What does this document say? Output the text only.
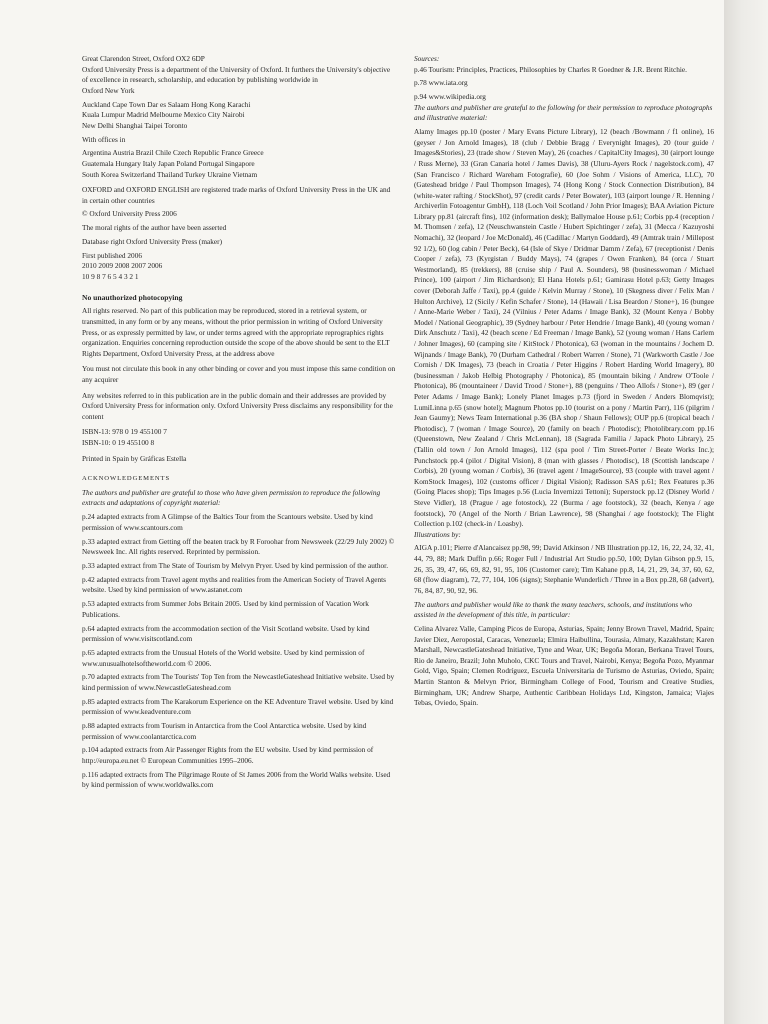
Great Clarendon Street, Oxford OX2 6DP

Oxford University Press is a department of the University of Oxford. It furthers the University's objective of excellence in research, scholarship, and education by publishing worldwide in

Oxford New York

Auckland Cape Town Dar es Salaam Hong Kong Karachi

Kuala Lumpur Madrid Melbourne Mexico City Nairobi

New Delhi Shanghai Taipei Toronto

With offices in

Argentina Austria Brazil Chile Czech Republic France Greece

Guatemala Hungary Italy Japan Poland Portugal Singapore

South Korea Switzerland Thailand Turkey Ukraine Vietnam

OXFORD and OXFORD ENGLISH are registered trade marks of Oxford University Press in the UK and in certain other countries

© Oxford University Press 2006

The moral rights of the author have been asserted

Database right Oxford University Press (maker)

First published 2006

2010 2009 2008 2007 2006

10 9 8 7 6 5 4 3 2 1

No unauthorized photocopying

All rights reserved. No part of this publication may be reproduced, stored in a retrieval system, or transmitted, in any form or by any means, without the prior permission in writing of Oxford University Press, or as expressly permitted by law, or under terms agreed with the appropriate reprographics rights organization. Enquiries concerning reproduction outside the scope of the above should be sent to the ELT Rights Department, Oxford University Press, at the address above

You must not circulate this book in any other binding or cover and you must impose this same condition on any acquirer

Any websites referred to in this publication are in the public domain and their addresses are provided by Oxford University Press for information only. Oxford University Press disclaims any responsibility for the content

ISBN-13: 978 0 19 455100 7

ISBN-10: 0 19 455100 8

Printed in Spain by Gráficas Estella

ACKNOWLEDGEMENTS

The authors and publisher are grateful to those who have given permission to reproduce the following extracts and adaptations of copyright material:

p.24 adapted extracts from A Glimpse of the Baltics Tour from the Scantours website. Used by kind permission of www.scantours.com

p.33 adapted extract from Getting off the beaten track by R Foroohar from Newsweek (22/29 July 2002) © Newsweek Inc. All rights reserved. Reprinted by permission.

p.33 adapted extract from The State of Tourism by Melvyn Pryer. Used by kind permission of the author.

p.42 adapted extracts from Travel agent myths and realities from the American Society of Travel Agents website. Used by kind permission of www.astanet.com

p.53 adapted extracts from Summer Jobs Britain 2005. Used by kind permission of Vacation Work Publications.

p.64 adapted extracts from the accommodation section of the Visit Scotland website. Used by kind permission of www.visitscotland.com

p.65 adapted extracts from the Unusual Hotels of the World website. Used by kind permission of www.unusualhotelsoftheworld.com © 2006.

p.70 adapted extracts from The Tourists' Top Ten from the NewcastleGateshead Initiative website. Used by kind permission of www.NewcastleGateshead.com

p.85 adapted extracts from The Karakorum Experience on the KE Adventure Travel website. Used by kind permission of www.keadventure.com

p.88 adapted extracts from Tourism in Antarctica from the Cool Antarctica website. Used by kind permission of www.coolantarctica.com

p.104 adapted extracts from Air Passenger Rights from the EU website. Used by kind permission of http://europa.eu.net © European Communities 1995–2006.

p.116 adapted extracts from The Pilgrimage Route of St James 2006 from the World Walks website. Used by kind permission of www.worldwalks.com

Sources:

p.46 Tourism: Principles, Practices, Philosophies by Charles R Goedner & J.R. Brent Ritchie.

p.78 www.iata.org

p.94 www.wikipedia.org

The authors and publisher are grateful to the following for their permission to reproduce photographs and illustrative material:

Alamy Images pp.10 (poster / Mary Evans Picture Library), 12 (beach /Bowmann / f1 online), 16 (geyser / Jon Arnold Images), 18 (club / Debbie Bragg / Everynight Images), 20 (tour guide / Images&Stories), 23 (trade show / Steven May), 26 (coaches / CapitalCity Images), 30 (airport lounge / Russ Merne), 33 (Gran Canaria hotel / James Davis), 38 (Uluru-Ayers Rock / nagelstock.com), 47 (San Francisco / Richard Wareham Fotografie), 60 (Joe Sohm / Visions of America, LLC), 70 (Gateshead bridge / Paul Thompson Images), 74 (Hong Kong / Stock Connection Distribution), 84 (white-water rafting / StockShot), 97 (credit cards / Peter Bowater), 103 (airport lounge / R. Henning / Archiverlin Fotoagentur GmbH), 118 (Loch Voil Scotland / John Prior Images); BAA Aviation Picture Library pp.81 (aircraft fins), 102 (information desk); Ballymaloe House p.61; Corbis pp.4 (reception / M. Thomsen / zefa), 12 (Neuschwanstein Castle / Hubert Spichtinger / zefa), 31 (Mecca / Kazuyoshi Nomachi), 32 (leopard / Joe McDonald), 46 (Cadillac / Martyn Goddard), 49 (Amtrak train / Millepost 92 1/2), 60 (log cabin / Peter Beck), 64 (Isle of Skye / Dridmar Damm / Zefa), 67 (receptionist / Denis Cooper / zefa), 73 (Kyrgistan / Buddy Mays), 74 (grapes / Owen Franken), 84 (orca / Stuart Westmorland), 85 (trekkers), 88 (cruise ship / Paul A. Sounders), 98 (businesswoman / Michael Prince), 100 (airport / Jim Richardson); El Hana Hotels p.61; Gamirasu Hotel p.63; Getty Images cover (Deborah Jaffe / Taxi), pp.4 (guide / Kelvin Murray / Stone), 10 (Skegness diver / Felix Man / Hulton Archive), 12 (Sicily / Kefin Schafer / Stone), 14 (Hawaii / Lisa Beardon / Stone+), 16 (bungee / Anne-Marie Weber / Taxi), 24 (Vilnius / Peter Adams / Image Bank), 32 (Mount Kenya / Bobby Model / National Geographic), 39 (Sydney harbour / Peter Hendrie / Image Bank), 40 (young woman / Dirk Anschutz / Taxi), 42 (beach scene / Ed Freeman / Image Bank), 52 (young woman / Hans Carlem / Johner Images), 60 (camping site / KitStock / Photonica), 63 (woman in the mountains / Jochem D. Wijnands / Image Bank), 70 (Durham Cathedral / Robert Warren / Stone), 71 (Warkworth Castle / Joe Cornish / DK Images), 73 (beach in Croatia / Peter Higgins / Robert Harding World Imagery), 80 (businessman / Jakob Helbig Photography / Photonica), 85 (mountain biking / Andrew O'Toole / Photonica), 86 (mountaineer / David Trood / Stone+), 88 (penguins / Theo Allofs / Stone+), 89 (ger / Peter Adams / Image Bank); Lonely Planet Images p.73 (fjord in Sweden / Anders Blomqvist); LumiLinna p.65 (snow hotel); Magnum Photos pp.10 (tourist on a pony / Martin Parr), 116 (pilgrim / Jean Gaumy); News Team International p.36 (BA shop / Shaun Fellows); OUP pp.6 (tropical beach / Photodisc), 7 (woman / Image Source), 20 (family on beach / Photodisc); Photolibrary.com pp.16 (Queenstown, New Zealand / Chris McLennan), 18 (Sagrada Familia / Japack Photo Library), 25 (Tallin old town / Jon Arnold Images), 112 (spa pool / Tim Street-Porter / Beate Works Inc.); Punchstock pp.4 (pilot / Digital Vision), 8 (man with glasses / Photodisc), 18 (Scottish landscape / Corbis), 20 (young woman / Corbis), 36 (travel agent / ImageSource), 93 (couple with travel agent / KomStock Images), 102 (customs officer / Digital Vision); Radisson SAS p.61; Rex Features p.36 (Going Places shop); Tips Images p.56 (Lucia Invernizzi Tettoni); Superstock pp.12 (Disney World / Steve Vidler), 18 (Prague / age fotostock), 22 (Burma / age footstock), 32 (beach, Kenya / age footstock), 70 (Angel of the North / Brian Lawrence), 98 (Shanghai / age footstock); The Flight Collection p.102 (check-in / Loasby).

Illustrations by:

AIGA p.101; Pierre d'Alancaisez pp.98, 99; David Atkinson / NB Illustration pp.12, 16, 22, 24, 32, 41, 44, 79, 88; Mark Duffin p.66; Roger Full / Industrial Art Studio pp.50, 100; Dylan Gibson pp.9, 15, 26, 35, 39, 47, 66, 69, 82, 91, 95, 106 (Customer care); Tim Kahane pp.8, 14, 21, 29, 34, 37, 60, 62, 68 (flow diagram), 72, 77, 104, 106 (signs); Stephanie Wunderlich / Three in a Box pp.28, 68 (advert), 76, 84, 87, 90, 92, 96.

The authors and publisher would like to thank the many teachers, schools, and institutions who assisted in the development of this title, in particular:

Celina Alvarez Valle, Camping Picos de Europa, Asturias, Spain; Jenny Brown Travel, Madrid, Spain; Javier Diez, Aeropostal, Caracas, Venezuela; Elmira Haibullina, Tourasia, Almaty, Kazakhstan; Karen Marshall, NewcastleGateshead Initiative, Tyne and Wear, UK; Begoña Moran, Berkana Travel Tours, Rio de Janeiro, Brazil; John Muholo, CKC Tours and Travel, Nairobi, Kenya; Begoña Pozo, Myanmar Gold, Vigo, Spain; Clemen Rodríguez, Escuela Universitaria de Turismo de Asturias, Oviedo, Spain; Martin Stanton & Melvyn Prior, Birmingham College of Food, Tourism and Creative Studies, Birmingham, UK; Andrew Sharpe, Authentic Caribbean Holidays Ltd, Kingston, Jamaica; Viajes Tebas, Oviedo, Spain.
